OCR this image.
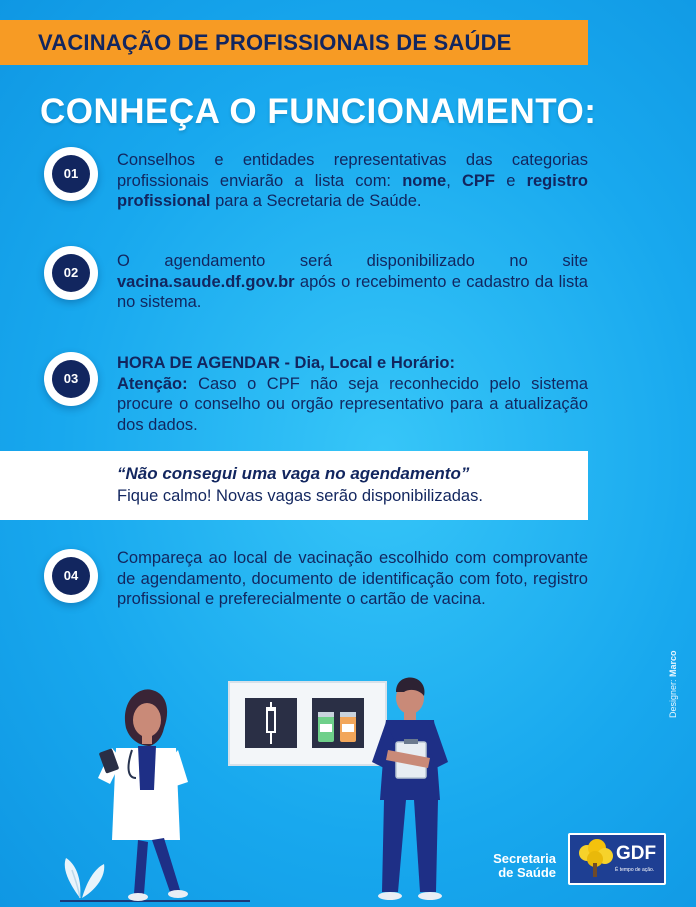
VACINAÇÃO DE PROFISSIONAIS DE SAÚDE
CONHEÇA O FUNCIONAMENTO:
01
Conselhos e entidades representativas das categorias profissionais enviarão a lista com: nome, CPF e registro profissional para a Secretaria de Saúde.
02
O agendamento será disponibilizado no site vacina.saude.df.gov.br após o recebimento e cadastro da lista no sistema.
03
HORA DE AGENDAR - Dia, Local e Horário:
Atenção: Caso o CPF não seja reconhecido pelo sistema procure o conselho ou orgão representativo para a atualização dos dados.
“Não consegui uma vaga no agendamento”
Fique calmo! Novas vagas serão disponibilizadas.
04
Compareça ao local de vacinação escolhido com comprovante de agendamento, documento de identificação com foto, registro profissional e preferecialmente o cartão de vacina.
Designer: Marco
Secretaria
de Saúde
GDF
É tempo de ação.
